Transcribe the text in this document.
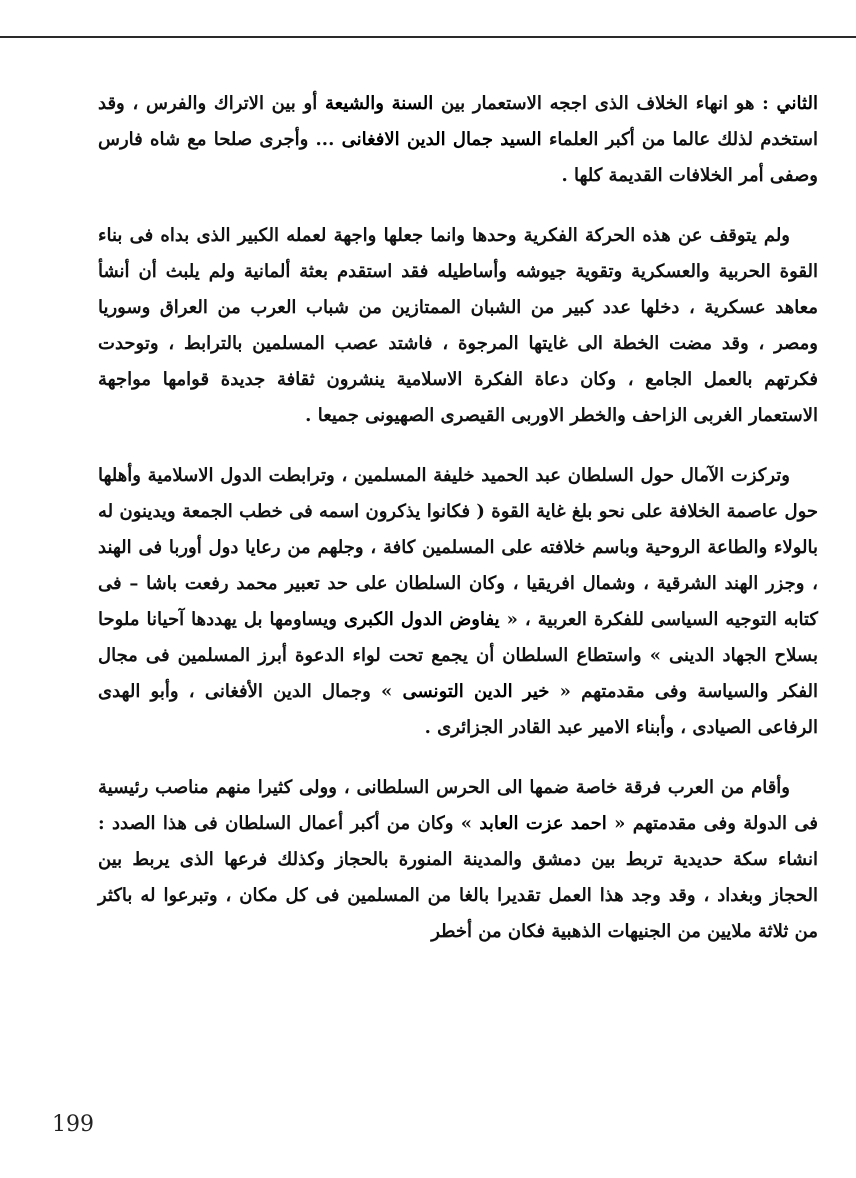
الثاني : هو انهاء الخلاف الذى اججه الاستعمار بين السنة والشيعة أو بين الاتراك والفرس ، وقد استخدم لذلك عالما من أكبر العلماء السيد جمال الدين الافغانى ... وأجرى صلحا مع شاه فارس وصفى أمر الخلافات القديمة كلها .

ولم يتوقف عن هذه الحركة الفكرية وحدها وانما جعلها واجهة لعمله الكبير الذى بداه فى بناء القوة الحربية والعسكرية وتقوية جيوشه وأساطيله فقد استقدم بعثة ألمانية ولم يلبث أن أنشأ معاهد عسكرية ، دخلها عدد كبير من الشبان الممتازين من شباب العرب من العراق وسوريا ومصر ، وقد مضت الخطة الى غايتها المرجوة ، فاشتد عصب المسلمين بالترابط ، وتوحدت فكرتهم بالعمل الجامع ، وكان دعاة الفكرة الاسلامية ينشرون ثقافة جديدة قوامها مواجهة الاستعمار الغربى الزاحف والخطر الاوربى القيصرى الصهيونى جميعا .

وتركزت الآمال حول السلطان عبد الحميد خليفة المسلمين ، وترابطت الدول الاسلامية وأهلها حول عاصمة الخلافة على نحو بلغ غاية القوة ( فكانوا يذكرون اسمه فى خطب الجمعة ويدينون له بالولاء والطاعة الروحية وباسم خلافته على المسلمين كافة ، وجلهم من رعايا دول أوربا فى الهند ، وجزر الهند الشرقية ، وشمال افريقيا ، وكان السلطان على حد تعبير محمد رفعت باشا – فى كتابه التوجيه السياسى للفكرة العربية ، « يفاوض الدول الكبرى ويساومها بل يهددها آحيانا ملوحا بسلاح الجهاد الدينى » واستطاع السلطان أن يجمع تحت لواء الدعوة أبرز المسلمين فى مجال الفكر والسياسة وفى مقدمتهم « خير الدين التونسى » وجمال الدين الأفغانى ، وأبو الهدى الرفاعى الصيادى ، وأبناء الامير عبد القادر الجزائرى .

وأقام من العرب فرقة خاصة ضمها الى الحرس السلطانى ، وولى كثيرا منهم مناصب رئيسية فى الدولة وفى مقدمتهم « احمد عزت العابد » وكان من أكبر أعمال السلطان فى هذا الصدد : انشاء سكة حديدية تربط بين دمشق والمدينة المنورة بالحجاز وكذلك فرعها الذى يربط بين الحجاز وبغداد ، وقد وجد هذا العمل تقديرا بالغا من المسلمين فى كل مكان ، وتبرعوا له باكثر من ثلاثة ملايين من الجنيهات الذهبية فكان من أخطر

199
